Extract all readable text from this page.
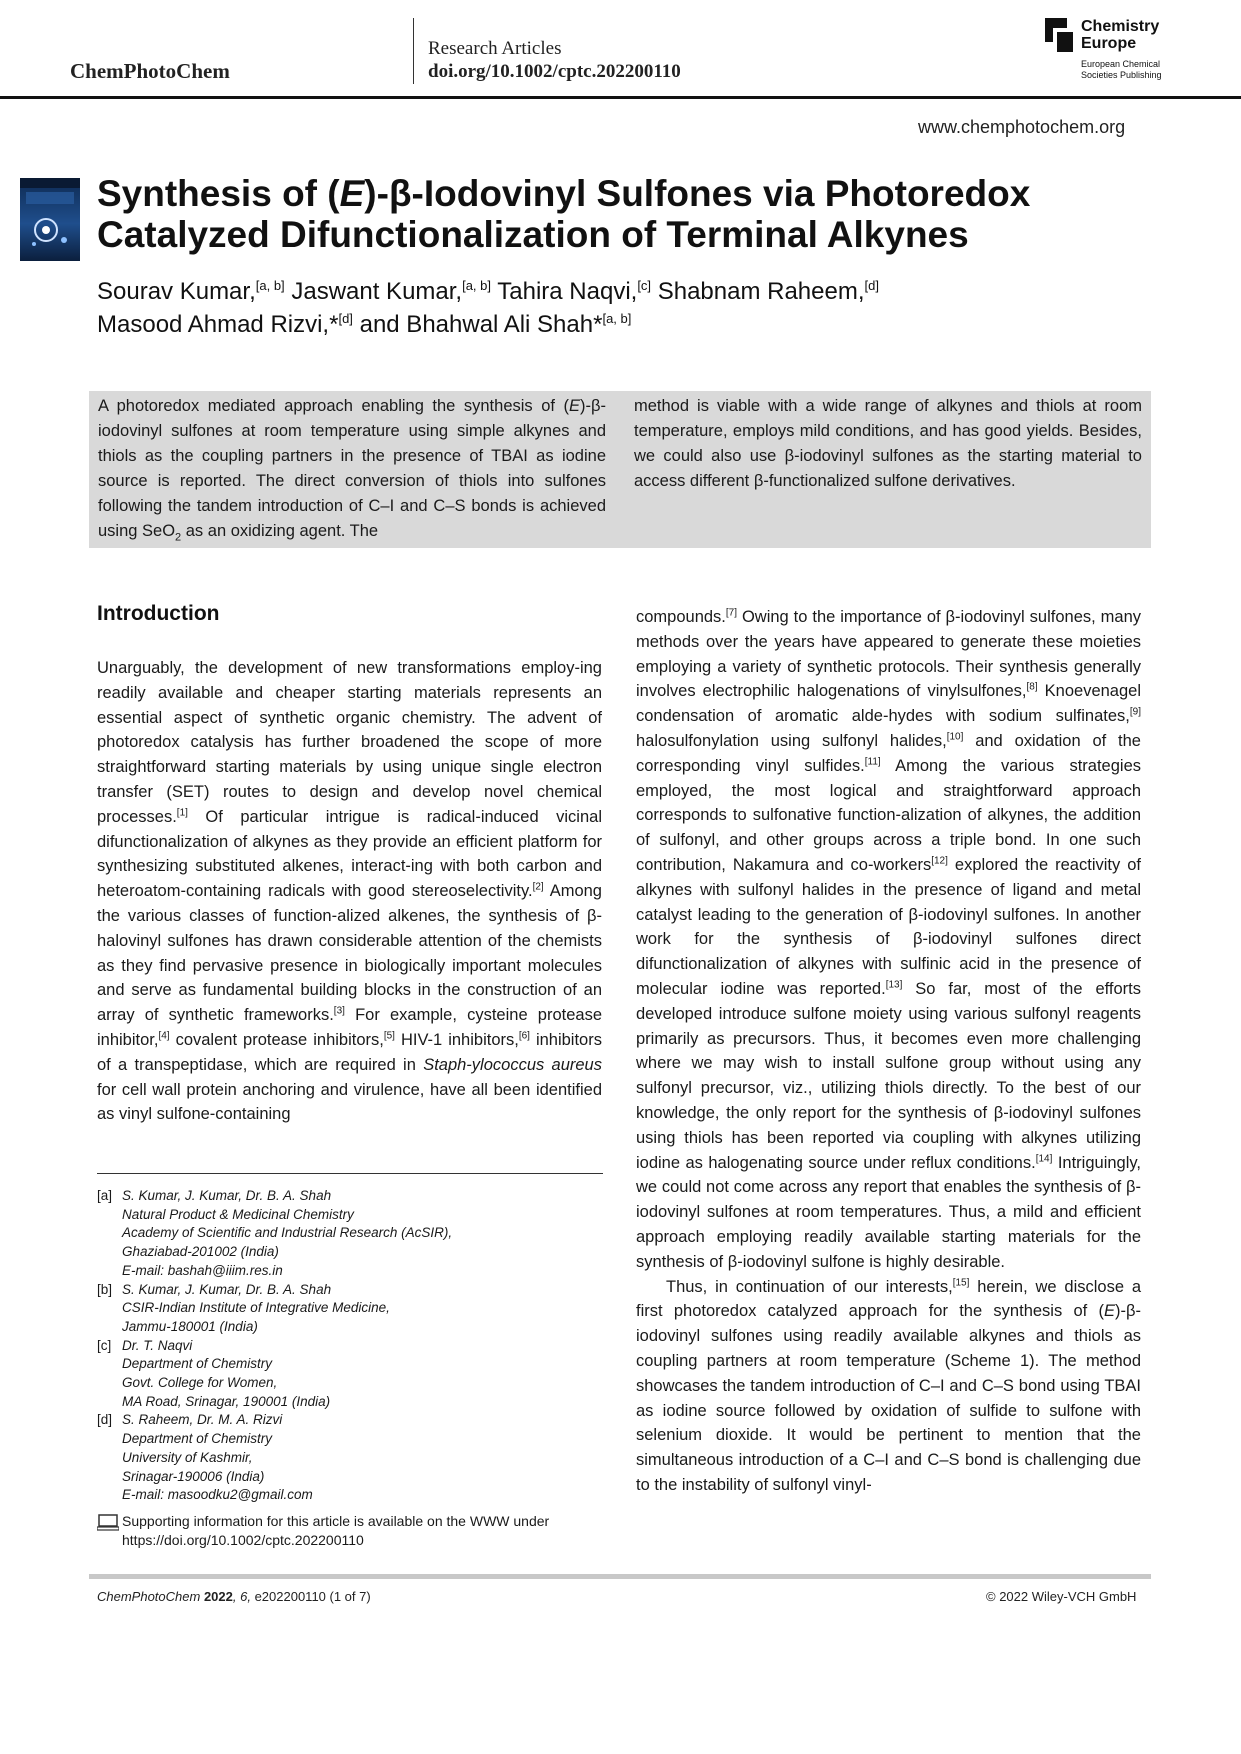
ChemPhotoChem
Research Articles
doi.org/10.1002/cptc.202200110
Chemistry
Europe
European Chemical
Societies Publishing
www.chemphotochem.org
Synthesis of (E)-β-Iodovinyl Sulfones via Photoredox
Catalyzed Difunctionalization of Terminal Alkynes
Sourav Kumar,[a, b] Jaswant Kumar,[a, b] Tahira Naqvi,[c] Shabnam Raheem,[d]
Masood Ahmad Rizvi,*[d] and Bhahwal Ali Shah*[a, b]
A photoredox mediated approach enabling the synthesis of (E)-β-iodovinyl sulfones at room temperature using simple alkynes and thiols as the coupling partners in the presence of TBAI as iodine source is reported. The direct conversion of thiols into sulfones following the tandem introduction of C–I and C–S bonds is achieved using SeO$_2$ as an oxidizing agent. The
method is viable with a wide range of alkynes and thiols at room temperature, employs mild conditions, and has good yields. Besides, we could also use β-iodovinyl sulfones as the starting material to access different β-functionalized sulfone derivatives.
Introduction

Unarguably, the development of new transformations employ-ing readily available and cheaper starting materials represents an essential aspect of synthetic organic chemistry. The advent of photoredox catalysis has further broadened the scope of more straightforward starting materials by using unique single electron transfer (SET) routes to design and develop novel chemical processes.[1] Of particular intrigue is radical-induced vicinal difunctionalization of alkynes as they provide an efficient platform for synthesizing substituted alkenes, interact-ing with both carbon and heteroatom-containing radicals with good stereoselectivity.[2] Among the various classes of function-alized alkenes, the synthesis of β-halovinyl sulfones has drawn considerable attention of the chemists as they find pervasive presence in biologically important molecules and serve as fundamental building blocks in the construction of an array of synthetic frameworks.[3] For example, cysteine protease inhibitor,[4] covalent protease inhibitors,[5] HIV-1 inhibitors,[6] inhibitors of a transpeptidase, which are required in Staph-ylococcus aureus for cell wall protein anchoring and virulence, have all been identified as vinyl sulfone-containing

compounds.[7] Owing to the importance of β-iodovinyl sulfones, many methods over the years have appeared to generate these moieties employing a variety of synthetic protocols. Their synthesis generally involves electrophilic halogenations of vinylsulfones,[8] Knoevenagel condensation of aromatic alde-hydes with sodium sulfinates,[9] halosulfonylation using sulfonyl halides,[10] and oxidation of the corresponding vinyl sulfides.[11] Among the various strategies employed, the most logical and straightforward approach corresponds to sulfonative function-alization of alkynes, the addition of sulfonyl, and other groups across a triple bond. In one such contribution, Nakamura and co-workers[12] explored the reactivity of alkynes with sulfonyl halides in the presence of ligand and metal catalyst leading to the generation of β-iodovinyl sulfones. In another work for the synthesis of β-iodovinyl sulfones direct difunctionalization of alkynes with sulfinic acid in the presence of molecular iodine was reported.[13] So far, most of the efforts developed introduce sulfone moiety using various sulfonyl reagents primarily as precursors. Thus, it becomes even more challenging where we may wish to install sulfone group without using any sulfonyl precursor, viz., utilizing thiols directly. To the best of our knowledge, the only report for the synthesis of β-iodovinyl sulfones using thiols has been reported via coupling with alkynes utilizing iodine as halogenating source under reflux conditions.[14] Intriguingly, we could not come across any report that enables the synthesis of β-iodovinyl sulfones at room temperatures. Thus, a mild and efficient approach employing readily available starting materials for the synthesis of β-iodovinyl sulfone is highly desirable.

Thus, in continuation of our interests,[15] herein, we disclose a first photoredox catalyzed approach for the synthesis of (E)-β-iodovinyl sulfones using readily available alkynes and thiols as coupling partners at room temperature (Scheme 1). The method showcases the tandem introduction of C–I and C–S bond using TBAI as iodine source followed by oxidation of sulfide to sulfone with selenium dioxide. It would be pertinent to mention that the simultaneous introduction of a C–I and C–S bond is challenging due to the instability of sulfonyl vinyl-

[a] S. Kumar, J. Kumar, Dr. B. A. Shah
Natural Product & Medicinal Chemistry
Academy of Scientific and Industrial Research (AcSIR),
Ghaziabad-201002 (India)
E-mail: bashah@iiim.res.in
[b] S. Kumar, J. Kumar, Dr. B. A. Shah
CSIR-Indian Institute of Integrative Medicine,
Jammu-180001 (India)
[c] Dr. T. Naqvi
Department of Chemistry
Govt. College for Women,
MA Road, Srinagar, 190001 (India)
[d] S. Raheem, Dr. M. A. Rizvi
Department of Chemistry
University of Kashmir,
Srinagar-190006 (India)
E-mail: masoodku2@gmail.com
Supporting information for this article is available on the WWW under https://doi.org/10.1002/cptc.202200110
ChemPhotoChem 2022, 6, e202200110 (1 of 7)	© 2022 Wiley-VCH GmbH
